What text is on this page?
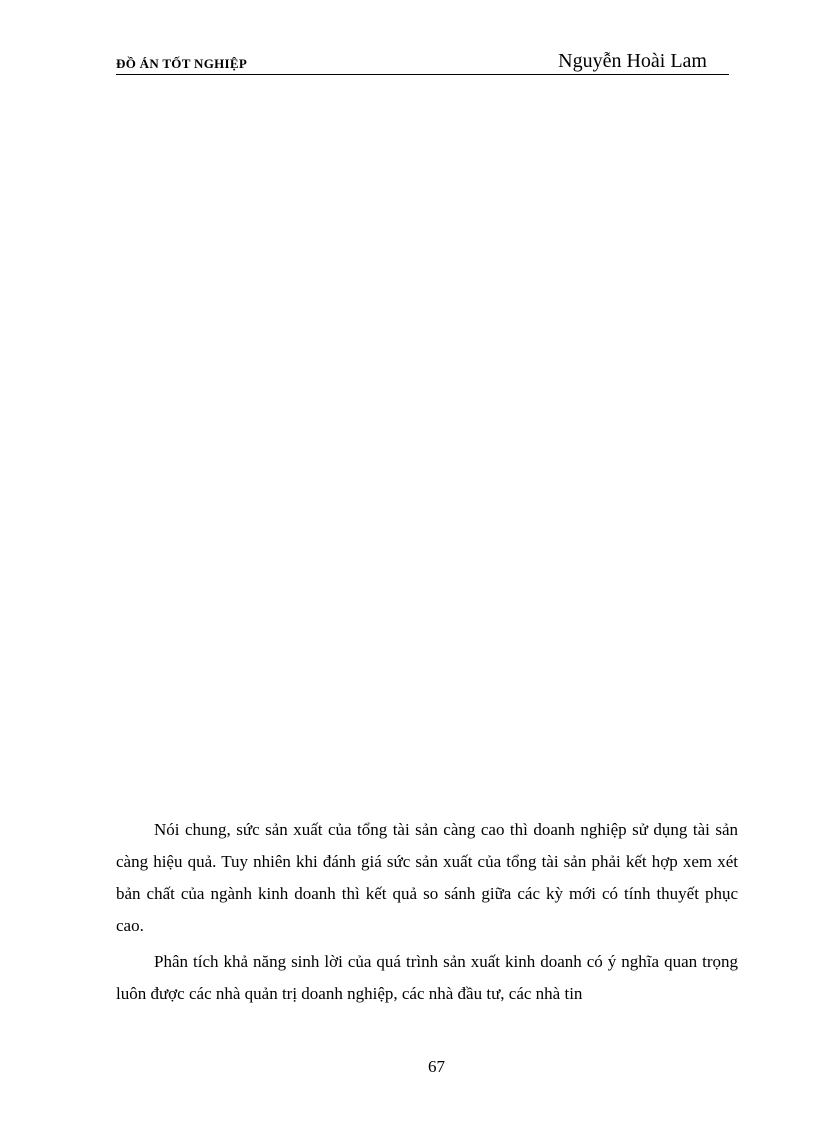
ĐỒ ÁN TỐT NGHIỆP	Nguyễn Hoài Lam

Nói chung, sức sản xuất của tổng tài sản càng cao thì doanh nghiệp sử dụng tài sản càng hiệu quả. Tuy nhiên khi đánh giá sức sản xuất của tổng tài sản phải kết hợp xem xét bản chất của ngành kinh doanh thì kết quả so sánh giữa các kỳ mới có tính thuyết phục cao.

Phân tích khả năng sinh lời của quá trình sản xuất kinh doanh có ý nghĩa quan trọng luôn được các nhà quản trị doanh nghiệp, các nhà đầu tư, các nhà tin

67
